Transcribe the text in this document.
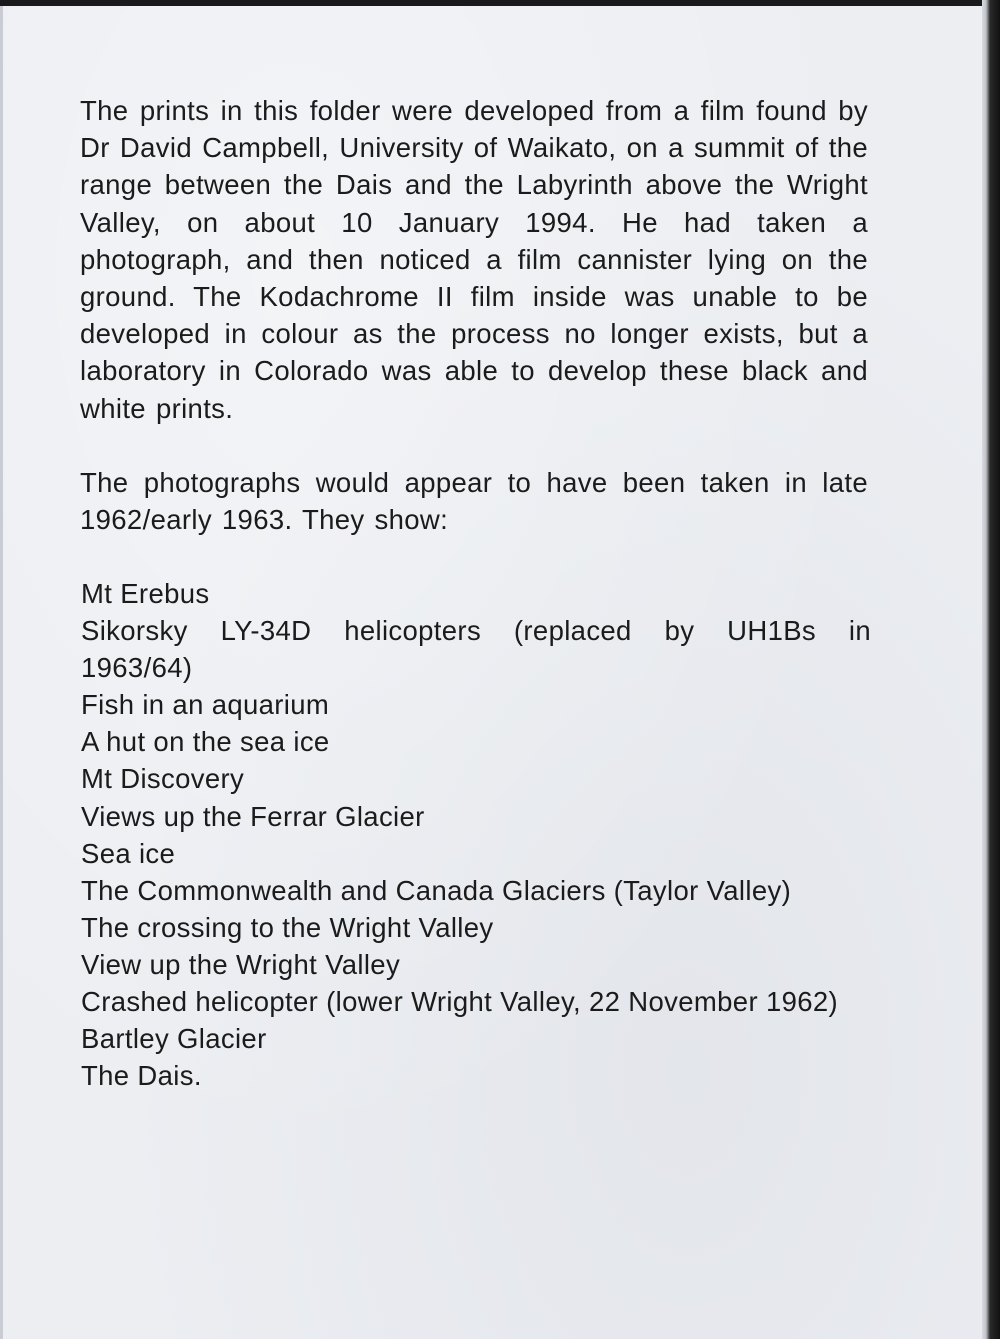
The prints in this folder were developed from a film found by Dr David Campbell, University of Waikato, on a summit of the range between the Dais and the Labyrinth above the Wright Valley, on about 10 January 1994. He had taken a photograph, and then noticed a film cannister lying on the ground. The Kodachrome II film inside was unable to be developed in colour as the process no longer exists, but a laboratory in Colorado was able to develop these black and white prints.

The photographs would appear to have been taken in late 1962/early 1963. They show:

Mt Erebus
Sikorsky LY-34D helicopters (replaced by UH1Bs in 1963/64)
Fish in an aquarium
A hut on the sea ice
Mt Discovery
Views up the Ferrar Glacier
Sea ice
The Commonwealth and Canada Glaciers (Taylor Valley)
The crossing to the Wright Valley
View up the Wright Valley
Crashed helicopter (lower Wright Valley, 22 November 1962)
Bartley Glacier
The Dais.
